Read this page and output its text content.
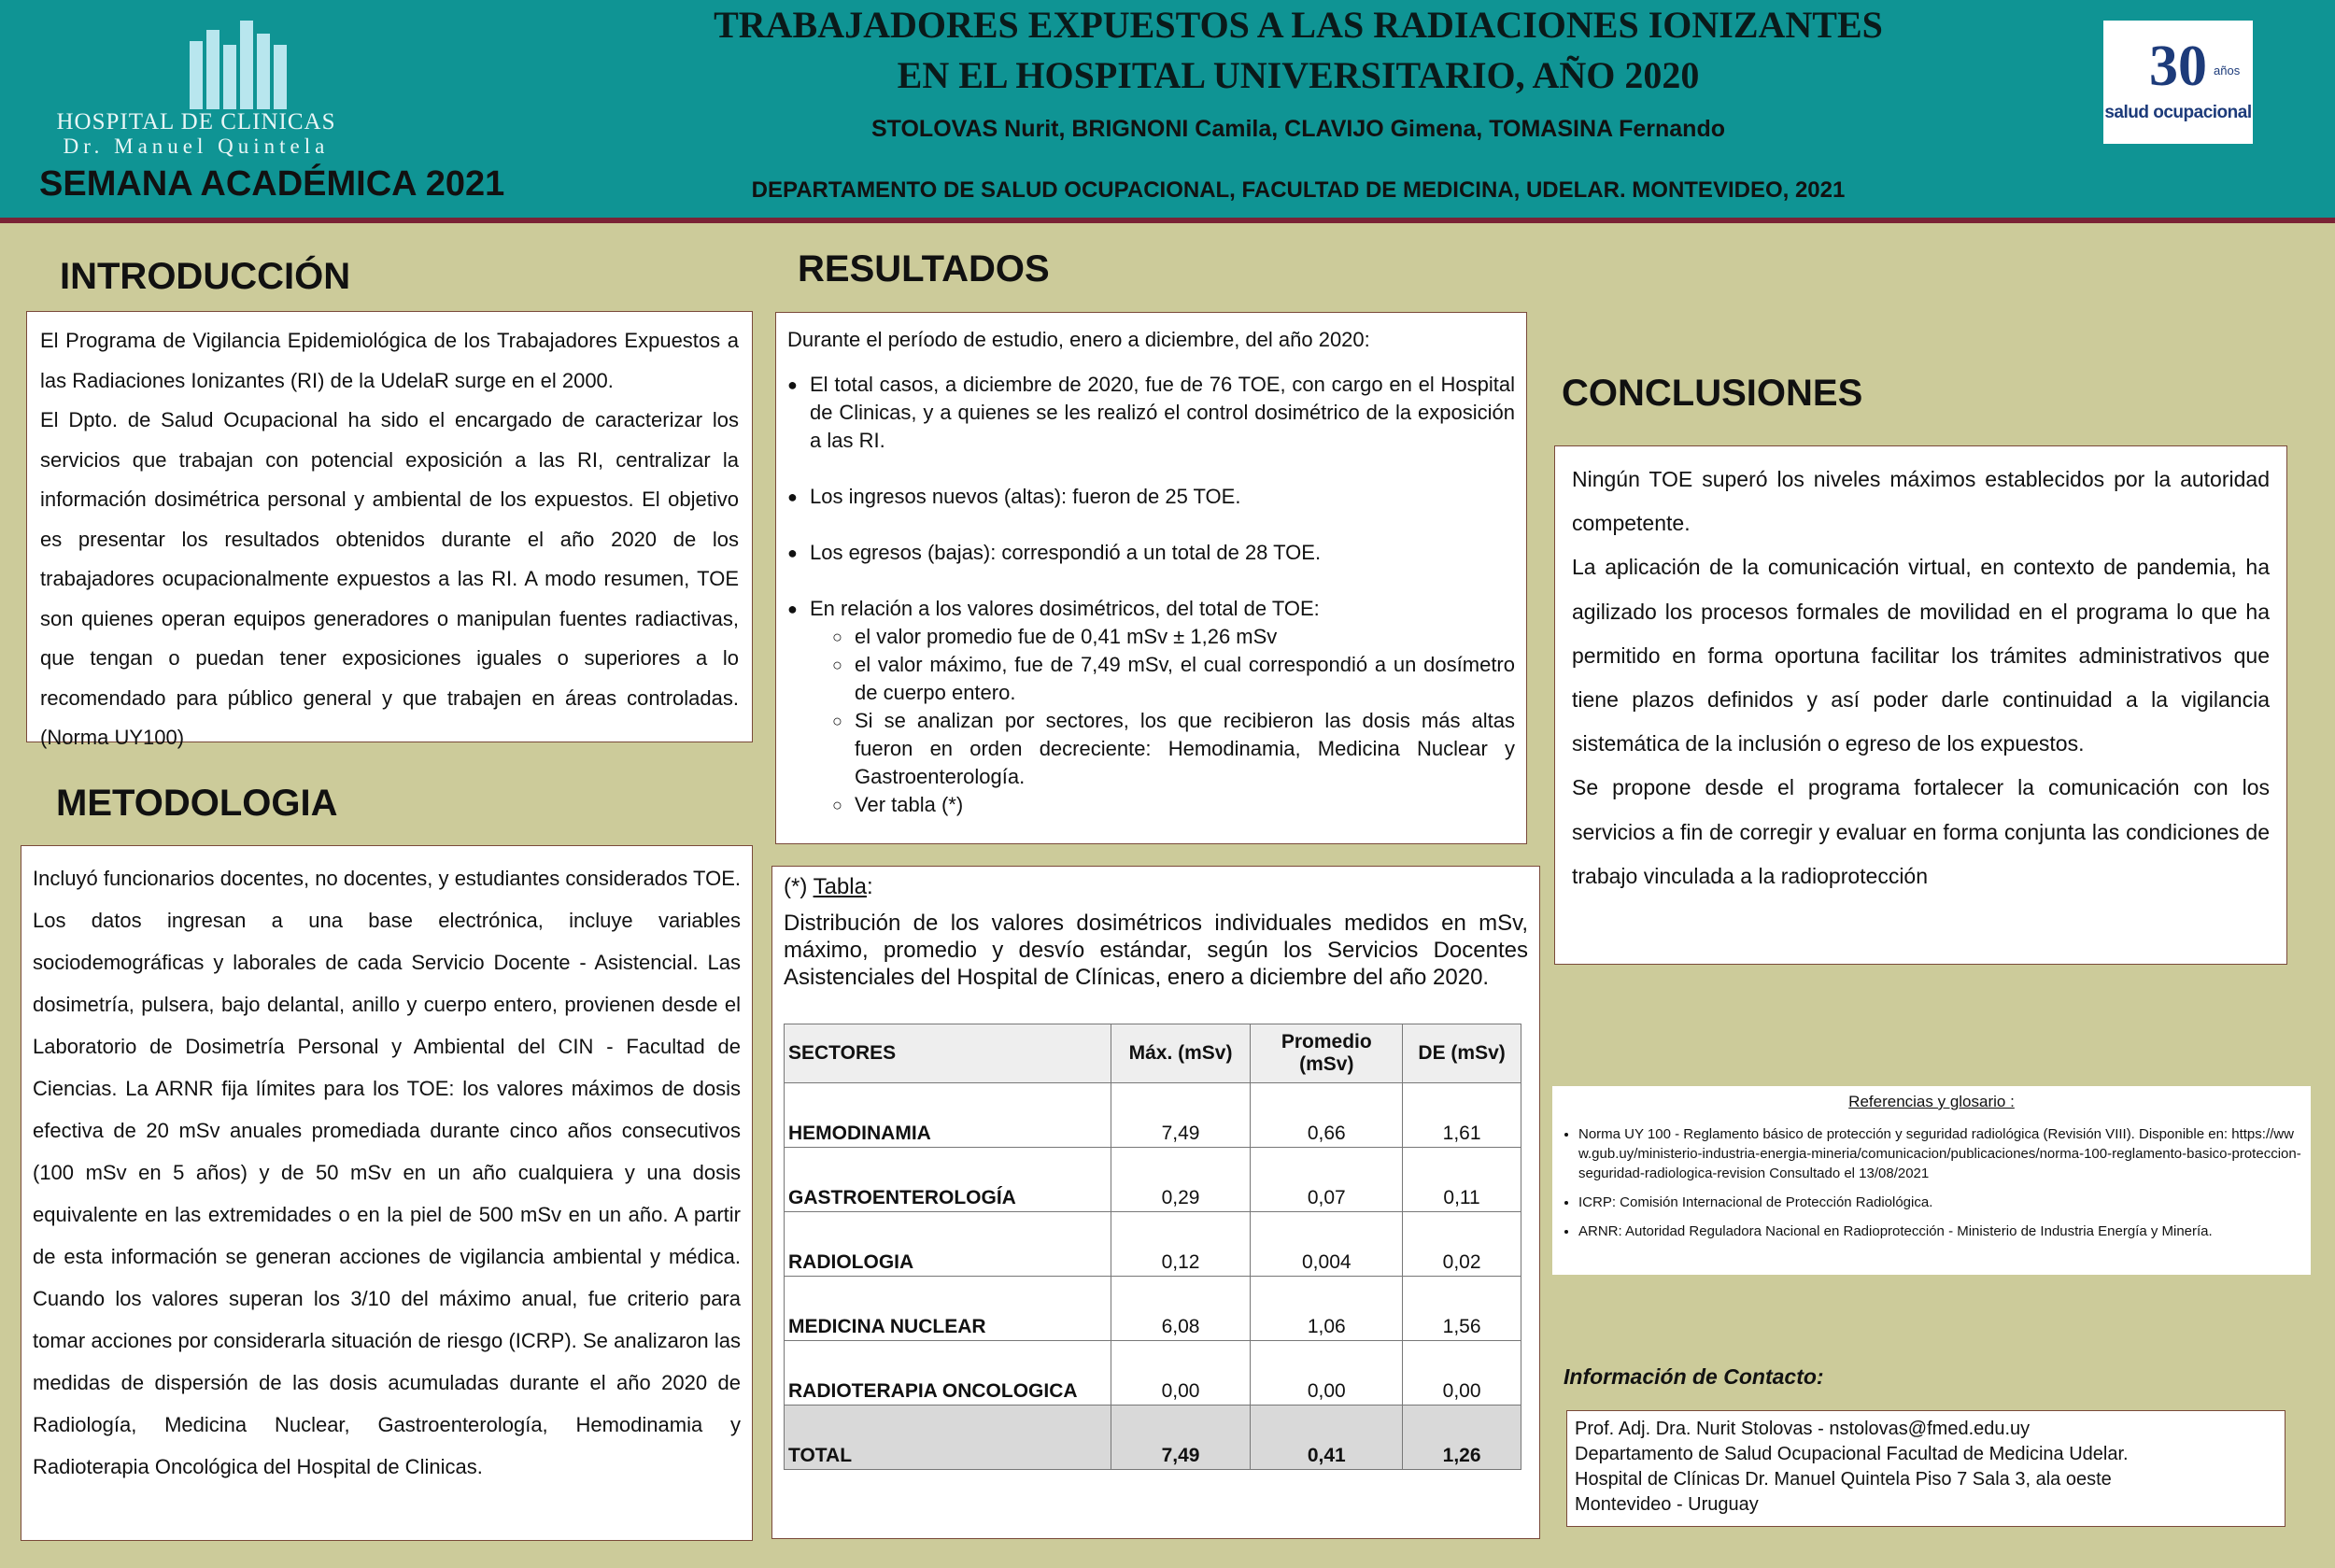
HOSPITAL DE CLINICAS
Dr. Manuel Quintela
SEMANA ACADÉMICA 2021
TRABAJADORES EXPUESTOS A LAS RADIACIONES IONIZANTES
EN EL HOSPITAL UNIVERSITARIO, AÑO 2020
STOLOVAS Nurit, BRIGNONI Camila, CLAVIJO Gimena, TOMASINA Fernando
DEPARTAMENTO DE SALUD OCUPACIONAL, FACULTAD DE MEDICINA, UDELAR. MONTEVIDEO, 2021
30 años
salud ocupacional
INTRODUCCIÓN

El Programa de Vigilancia Epidemiológica de los Trabajadores Expuestos a las Radiaciones Ionizantes (RI) de la UdelaR surge en el 2000.

El Dpto. de Salud Ocupacional ha sido el encargado de caracterizar los servicios que trabajan con potencial exposición a las RI, centralizar la información dosimétrica personal y ambiental de los expuestos. El objetivo es presentar los resultados obtenidos durante el año 2020 de los trabajadores ocupacionalmente expuestos a las RI. A modo resumen, TOE son quienes operan equipos generadores o manipulan fuentes radiactivas, que tengan o puedan tener exposiciones iguales o superiores a lo recomendado para público general y que trabajen en áreas controladas. (Norma UY100)

METODOLOGIA

Incluyó funcionarios docentes, no docentes, y estudiantes considerados TOE. Los datos ingresan a una base electrónica, incluye variables sociodemográficas y laborales de cada Servicio Docente - Asistencial. Las dosimetría, pulsera, bajo delantal, anillo y cuerpo entero, provienen desde el Laboratorio de Dosimetría Personal y Ambiental del CIN - Facultad de Ciencias. La ARNR fija límites para los TOE: los valores máximos de dosis efectiva de 20 mSv anuales promediada durante cinco años consecutivos (100 mSv en 5 años) y de 50 mSv en un año cualquiera y una dosis equivalente en las extremidades o en la piel de 500 mSv en un año. A partir de esta información se generan acciones de vigilancia ambiental y médica. Cuando los valores superan los 3/10 del máximo anual, fue criterio para tomar acciones por considerarla situación de riesgo (ICRP). Se analizaron las medidas de dispersión de las dosis acumuladas durante el año 2020 de Radiología, Medicina Nuclear, Gastroenterología, Hemodinamia y Radioterapia Oncológica del Hospital de Clinicas.

RESULTADOS
Durante el período de estudio, enero a diciembre, del año 2020:
● El total casos, a diciembre de 2020, fue de 76 TOE, con cargo en el Hospital de Clinicas, y a quienes se les realizó el control dosimétrico de la exposición a las RI.
● Los ingresos nuevos (altas): fueron de 25 TOE.
● Los egresos (bajas): correspondió a un total de 28 TOE.
● En relación a los valores dosimétricos, del total de TOE:
○ el valor promedio fue de 0,41 mSv ± 1,26 mSv
○ el valor máximo, fue de 7,49 mSv, el cual correspondió a un dosímetro de cuerpo entero.
○ Si se analizan por sectores, los que recibieron las dosis más altas fueron en orden decreciente: Hemodinamia, Medicina Nuclear y Gastroenterología.
○ Ver tabla (*)
(*) Tabla:
Distribución de los valores dosimétricos individuales medidos en mSv, máximo, promedio y desvío estándar, según los Servicios Docentes Asistenciales del Hospital de Clínicas, enero a diciembre del año 2020.
SECTORES	Máx. (mSv)	Promedio (mSv)	DE (mSv)
HEMODINAMIA	7,49	0,66	1,61
GASTROENTEROLOGÍA	0,29	0,07	0,11
RADIOLOGIA	0,12	0,004	0,02
MEDICINA NUCLEAR	6,08	1,06	1,56
RADIOTERAPIA ONCOLOGICA	0,00	0,00	0,00
TOTAL	7,49	0,41	1,26
CONCLUSIONES

Ningún TOE superó los niveles máximos establecidos por la autoridad competente.

La aplicación de la comunicación virtual, en contexto de pandemia, ha agilizado los procesos formales de movilidad en el programa lo que ha permitido en forma oportuna facilitar los trámites administrativos que tiene plazos definidos y así poder darle continuidad a la vigilancia sistemática de la inclusión o egreso de los expuestos.

Se propone desde el programa fortalecer la comunicación con los servicios a fin de corregir y evaluar en forma conjunta las condiciones de trabajo vinculada a la radioprotección

Referencias y glosario :
• Norma UY 100 - Reglamento básico de protección y seguridad radiológica (Revisión VIII). Disponible en: https://www.gub.uy/ministerio-industria-energia-mineria/comunicacion/publicaciones/norma-100-reglamento-basico-proteccion-seguridad-radiologica-revision Consultado el 13/08/2021
• ICRP: Comisión Internacional de Protección Radiológica.
• ARNR: Autoridad Reguladora Nacional en Radioprotección - Ministerio de Industria Energía y Minería.
Información de Contacto:
Prof. Adj. Dra. Nurit Stolovas - nstolovas@fmed.edu.uy
Departamento de Salud Ocupacional Facultad de Medicina Udelar.
Hospital de Clínicas Dr. Manuel Quintela Piso 7 Sala 3, ala oeste
Montevideo - Uruguay
